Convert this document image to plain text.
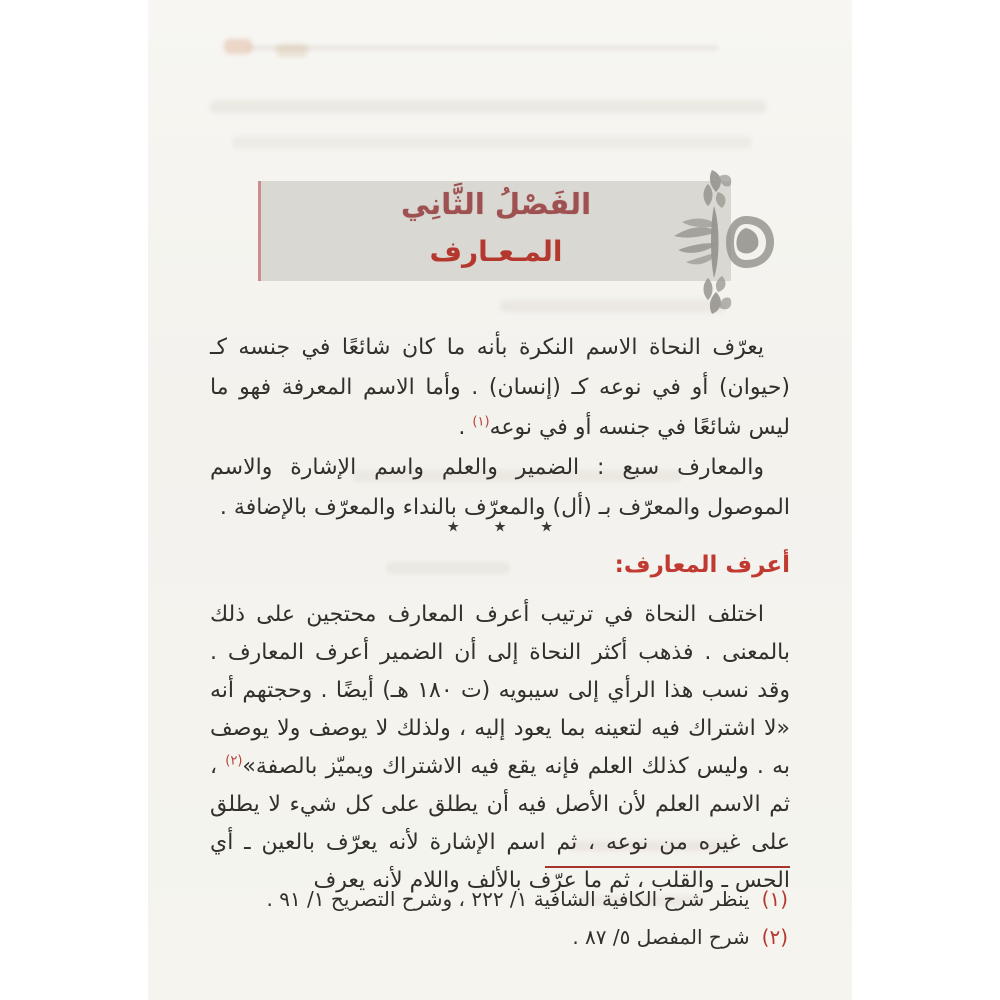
الفَصْلُ الثَّانِي
المـعـارف

يعرّف النحاة الاسم النكرة بأنه ما كان شائعًا في جنسه كـ (حيوان) أو في نوعه كـ (إنسان) . وأما الاسم المعرفة فهو ما ليس شائعًا في جنسه أو في نوعه$^{(١)}$ .

والمعارف سبع : الضمير والعلم واسم الإشارة والاسم الموصول والمعرّف بـ (أل) والمعرّف بالنداء والمعرّف بالإضافة .

٭ ٭ ٭
أعرف المعارف:

اختلف النحاة في ترتيب أعرف المعارف محتجين على ذلك بالمعنى . فذهب أكثر النحاة إلى أن الضمير أعرف المعارف . وقد نسب هذا الرأي إلى سيبويه (ت ١٨٠ هـ) أيضًا . وحجتهم أنه «لا اشتراك فيه لتعينه بما يعود إليه ، ولذلك لا يوصف ولا يوصف به . وليس كذلك العلم فإنه يقع فيه الاشتراك ويميّز بالصفة»$^{(٢)}$ ، ثم الاسم العلم لأن الأصل فيه أن يطلق على كل شيء لا يطلق على غيره من نوعه ، ثم اسم الإشارة لأنه يعرّف بالعين ـ أي الحس ـ والقلب ، ثم ما عرّف بالألف واللام لأنه يعرف

(١)ينظر شرح الكافية الشافية ١/ ٢٢٢ ، وشرح التصريح ١/ ٩١ .
(٢)شرح المفصل ٥/ ٨٧ .
